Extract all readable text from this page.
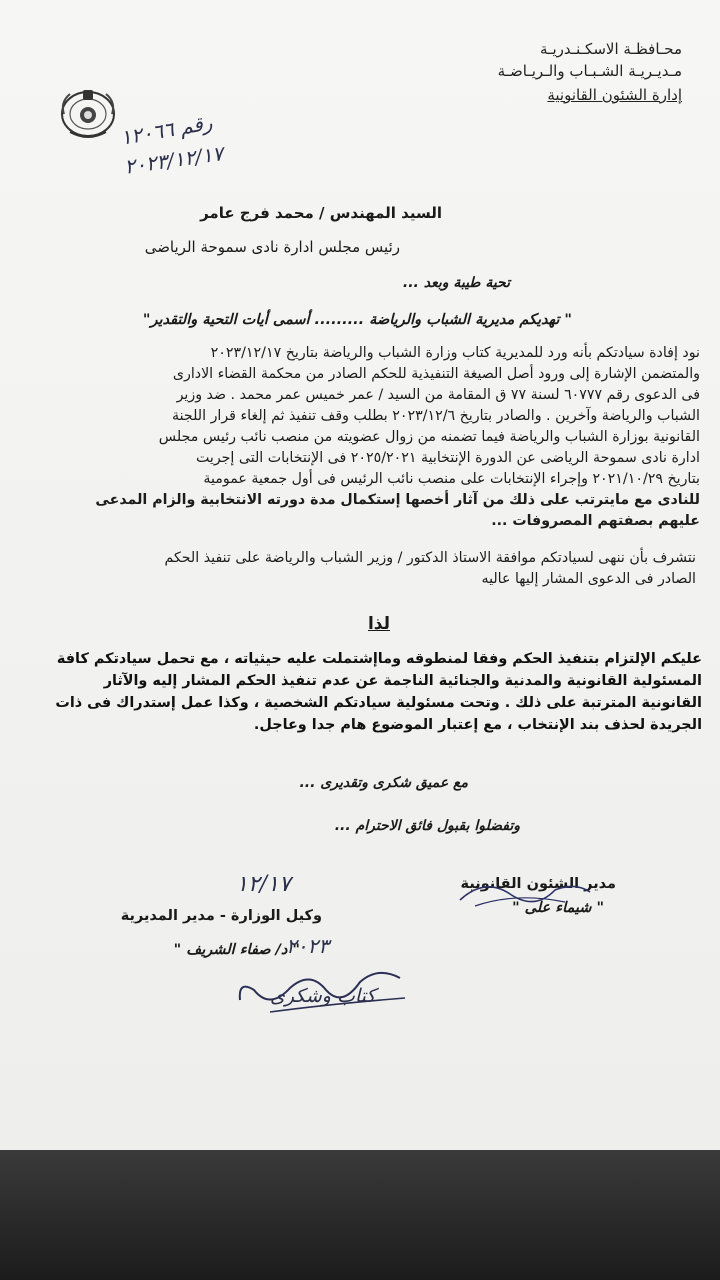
محـافظـة الاسكـنـدريـة
مـديـريـة الشـبـاب والـريـاضـة
إدارة الشئون القانونية
رقم ١٢٠٦٦
٢٠٢٣/١٢/١٧
السيد المهندس / محمد فرج عامر
رئيس مجلس ادارة نادى سموحة الرياضى
تحية طيبة وبعد ...
" تهديكم مديرية الشباب والرياضة ......... أسمى أيات التحية والتقدير"
نود إفادة سيادتكم بأنه ورد للمديرية كتاب وزارة الشباب والرياضة بتاريخ ٢٠٢٣/١٢/١٧
والمتضمن الإشارة إلى ورود أصل الصيغة التنفيذية للحكم الصادر من محكمة القضاء الادارى
فى الدعوى رقم ٦٠٧٧٧ لسنة ٧٧ ق المقامة من السيد / عمر خميس عمر محمد . ضد وزير
الشباب والرياضة وآخرين . والصادر بتاريخ ٢٠٢٣/١٢/٦ بطلب وقف تنفيذ ثم إلغاء قرار اللجنة
القانونية بوزارة الشباب والرياضة فيما تضمنه من زوال عضويته من منصب نائب رئيس مجلس
ادارة نادى سموحة الرياضى عن الدورة الإنتخابية ٢٠٢٥/٢٠٢١ فى الإنتخابات التى إجريت
بتاريخ ٢٠٢١/١٠/٢٩ وإجراء الإنتخابات على منصب نائب الرئيس فى أول جمعية عمومية
للنادى مع مايترتب على ذلك من آثار أخصها إستكمال مدة دورته الانتخابية والزام المدعى
عليهم بصفتهم المصروفات ...
نتشرف بأن ننهى لسيادتكم موافقة الاستاذ الدكتور / وزير الشباب والرياضة على تنفيذ الحكم
الصادر فى الدعوى المشار إليها عاليه
لذا
عليكم الإلتزام بتنفيذ الحكم وفقا لمنطوقه وماإشتملت عليه حيثياته ، مع تحمل سيادتكم كافة
المسئولية القانونية والمدنية والجنائية الناجمة عن عدم تنفيذ الحكم المشار إليه والآثار
القانونية المترتبة على ذلك . وتحت مسئولية سيادتكم الشخصية ، وكذا عمل إستدراك فى ذات
الجريدة لحذف بند الإنتخاب ، مع إعتبار الموضوع هام جدا وعاجل.
مع عميق شكرى وتقديرى ...
وتفضلوا بقبول فائق الاحترام ...
مدير الشئون القانونية
" شيماء على "
وكيل الوزارة - مدير المديرية
" د/ صفاء الشريف "
١٢/١٧
٢٠٢٣
كتاب وشكرى
